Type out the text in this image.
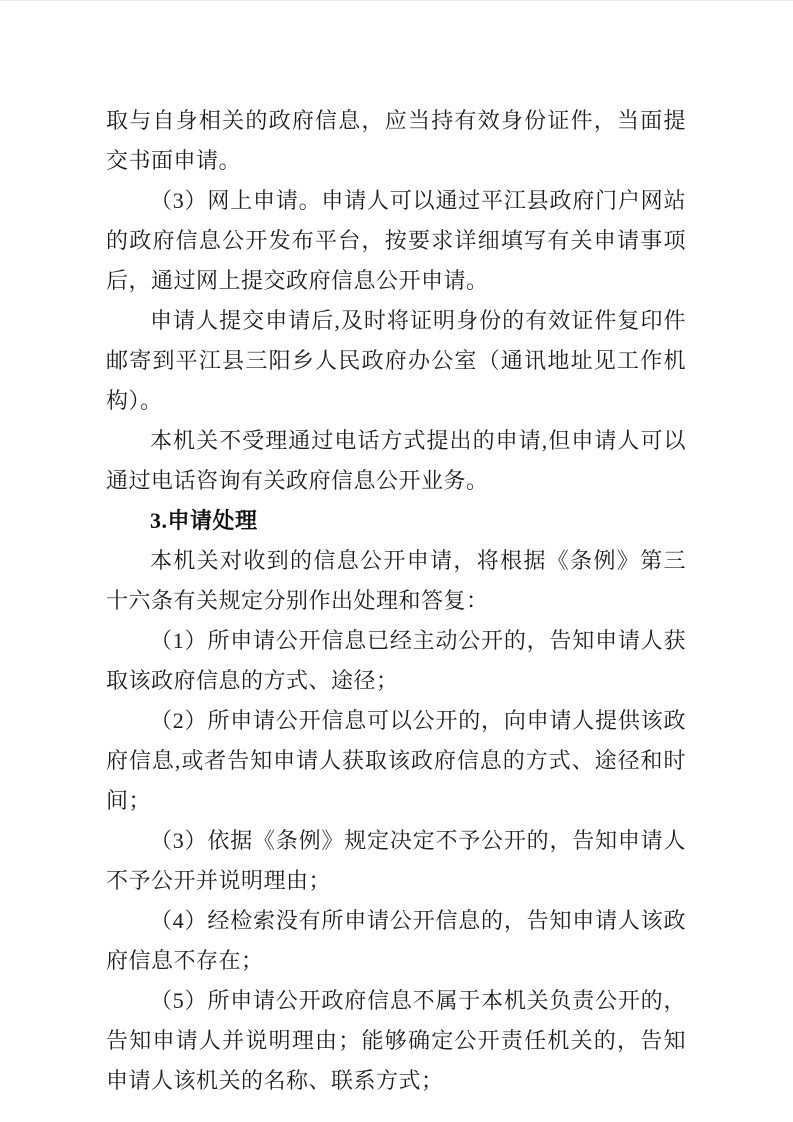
取与自身相关的政府信息，应当持有效身份证件，当面提交书面申请。

（3）网上申请。申请人可以通过平江县政府门户网站的政府信息公开发布平台，按要求详细填写有关申请事项后，通过网上提交政府信息公开申请。

申请人提交申请后,及时将证明身份的有效证件复印件邮寄到平江县三阳乡人民政府办公室（通讯地址见工作机构）。

本机关不受理通过电话方式提出的申请,但申请人可以通过电话咨询有关政府信息公开业务。

3.申请处理

本机关对收到的信息公开申请，将根据《条例》第三十六条有关规定分别作出处理和答复：

（1）所申请公开信息已经主动公开的，告知申请人获取该政府信息的方式、途径；

（2）所申请公开信息可以公开的，向申请人提供该政府信息,或者告知申请人获取该政府信息的方式、途径和时间；

（3）依据《条例》规定决定不予公开的，告知申请人不予公开并说明理由；

（4）经检索没有所申请公开信息的，告知申请人该政府信息不存在；

（5）所申请公开政府信息不属于本机关负责公开的，告知申请人并说明理由；能够确定公开责任机关的，告知申请人该机关的名称、联系方式；
